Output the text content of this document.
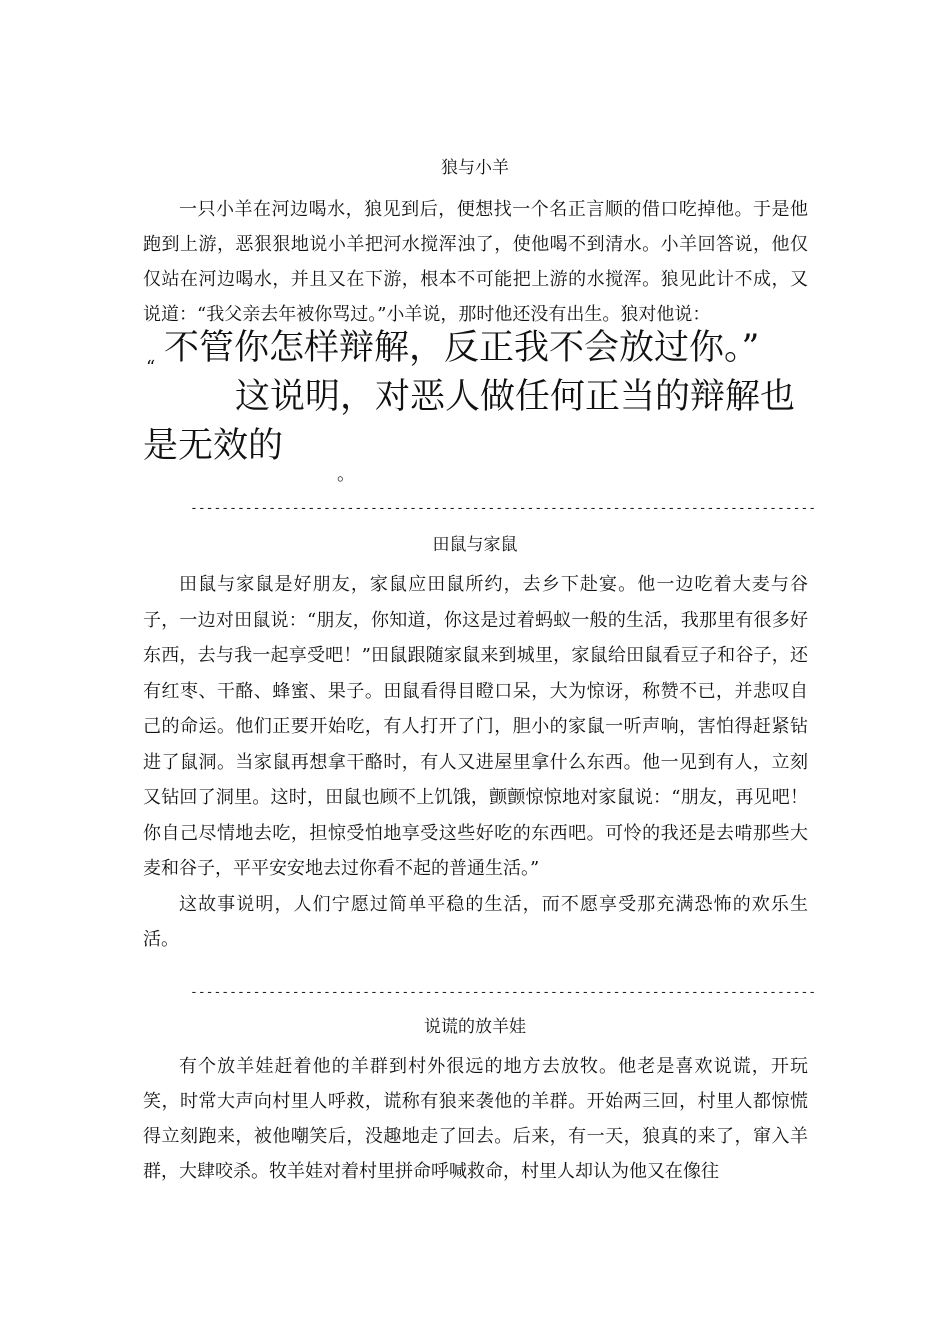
狼与小羊

一只小羊在河边喝水，狼见到后，便想找一个名正言顺的借口吃掉他。于是他跑到上游，恶狠狠地说小羊把河水搅浑浊了，使他喝不到清水。小羊回答说，他仅仅站在河边喝水，并且又在下游，根本不可能把上游的水搅浑。狼见此计不成，又说道：“我父亲去年被你骂过。”小羊说，那时他还没有出生。狼对他说：

“ 不管你怎样辩解，反正我不会放过你。”
这说明，对恶人做任何正当的辩解也是无效的
。
--------------------------------------------------------------------------------
田鼠与家鼠

田鼠与家鼠是好朋友，家鼠应田鼠所约，去乡下赴宴。他一边吃着大麦与谷子，一边对田鼠说：“朋友，你知道，你这是过着蚂蚁一般的生活，我那里有很多好东西，去与我一起享受吧！”田鼠跟随家鼠来到城里，家鼠给田鼠看豆子和谷子，还有红枣、干酪、蜂蜜、果子。田鼠看得目瞪口呆，大为惊讶，称赞不已，并悲叹自己的命运。他们正要开始吃，有人打开了门，胆小的家鼠一听声响，害怕得赶紧钻进了鼠洞。当家鼠再想拿干酪时，有人又进屋里拿什么东西。他一见到有人，立刻又钻回了洞里。这时，田鼠也顾不上饥饿，颤颤惊惊地对家鼠说：“朋友，再见吧！你自己尽情地去吃，担惊受怕地享受这些好吃的东西吧。可怜的我还是去啃那些大麦和谷子，平平安安地去过你看不起的普通生活。”

这故事说明，人们宁愿过简单平稳的生活，而不愿享受那充满恐怖的欢乐生活。

--------------------------------------------------------------------------------
说谎的放羊娃

有个放羊娃赶着他的羊群到村外很远的地方去放牧。他老是喜欢说谎，开玩笑，时常大声向村里人呼救，谎称有狼来袭他的羊群。开始两三回，村里人都惊慌得立刻跑来，被他嘲笑后，没趣地走了回去。后来，有一天，狼真的来了，窜入羊群，大肆咬杀。牧羊娃对着村里拼命呼喊救命，村里人却认为他又在像往
